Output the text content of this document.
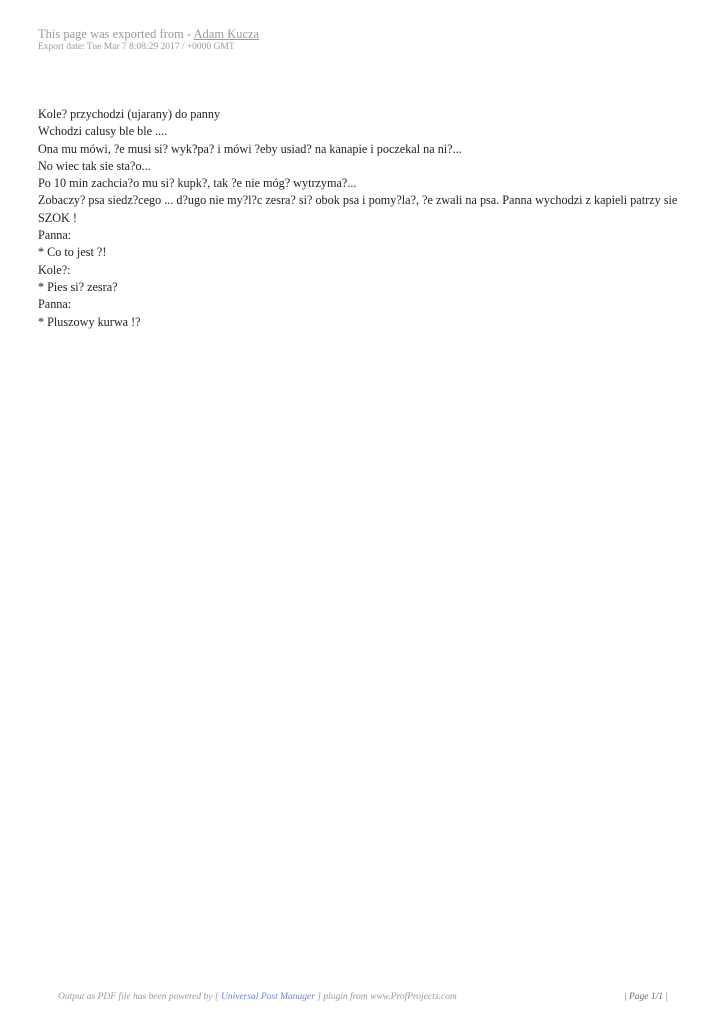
This page was exported from - Adam Kucza
Export date: Tue Mar 7 8:08:29 2017 / +0000 GMT

Kole? przychodzi (ujarany) do panny

Wchodzi calusy ble ble ....

Ona mu mówi, ?e musi si? wyk?pa? i mówi ?eby usiad? na kanapie i poczekal na ni?...

No wiec tak sie sta?o...

Po 10 min zachcia?o mu si? kupk?, tak ?e nie móg? wytrzyma?...

Zobaczy? psa siedz?cego ... d?ugo nie my?l?c zesra? si? obok psa i pomy?la?, ?e zwali na psa. Panna wychodzi z kapieli patrzy sie

SZOK !

Panna:

* Co to jest ?!

Kole?:

* Pies si? zesra?

Panna:

* Pluszowy kurwa !?

Output as PDF file has been powered by [ Universal Post Manager ] plugin from www.ProfProjects.com	| Page 1/1 |
